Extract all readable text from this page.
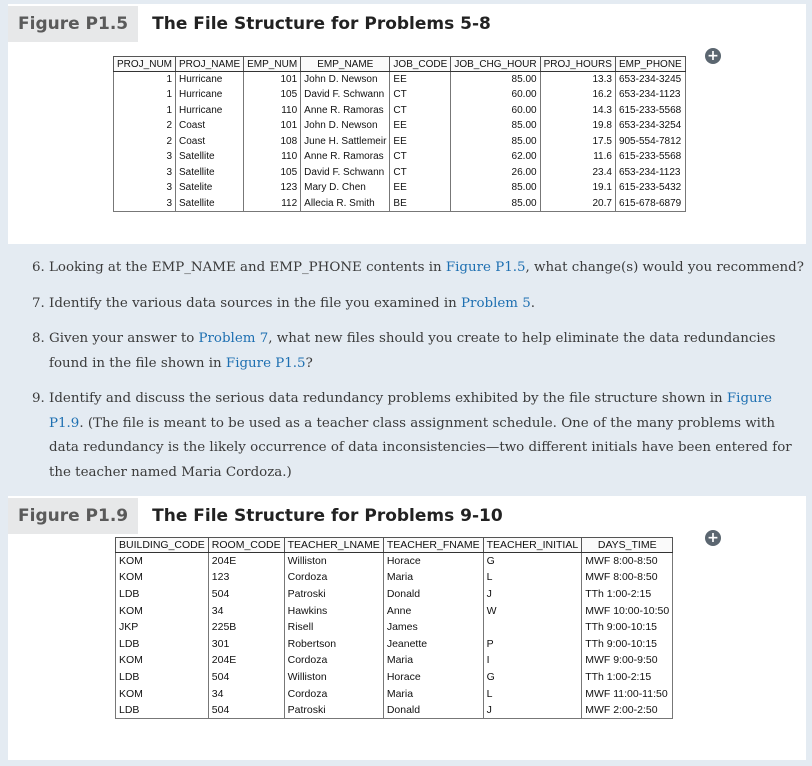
Figure P1.5	The File Structure for Problems 5-8
PROJ_NUM	PROJ_NAME	EMP_NUM	EMP_NAME	JOB_CODE	JOB_CHG_HOUR	PROJ_HOURS	EMP_PHONE
1	Hurricane	101	John D. Newson	EE	85.00	13.3	653-234-3245
1	Hurricane	105	David F. Schwann	CT	60.00	16.2	653-234-1123
1	Hurricane	110	Anne R. Ramoras	CT	60.00	14.3	615-233-5568
2	Coast	101	John D. Newson	EE	85.00	19.8	653-234-3254
2	Coast	108	June H. Sattlemeir	EE	85.00	17.5	905-554-7812
3	Satellite	110	Anne R. Ramoras	CT	62.00	11.6	615-233-5568
3	Satellite	105	David F. Schwann	CT	26.00	23.4	653-234-1123
3	Satelite	123	Mary D. Chen	EE	85.00	19.1	615-233-5432
3	Satellite	112	Allecia R. Smith	BE	85.00	20.7	615-678-6879
+

6. Looking at the EMP_NAME and EMP_PHONE contents in Figure P1.5, what change(s) would you recommend?

7. Identify the various data sources in the file you examined in Problem 5.

8. Given your answer to Problem 7, what new files should you create to help eliminate the data redundancies found in the file shown in Figure P1.5?

9. Identify and discuss the serious data redundancy problems exhibited by the file structure shown in Figure P1.9. (The file is meant to be used as a teacher class assignment schedule. One of the many problems with data redundancy is the likely occurrence of data inconsistencies—two different initials have been entered for the teacher named Maria Cordoza.)

Figure P1.9	The File Structure for Problems 9-10
BUILDING_CODE	ROOM_CODE	TEACHER_LNAME	TEACHER_FNAME	TEACHER_INITIAL	DAYS_TIME
KOM	204E	Williston	Horace	G	MWF 8:00-8:50
KOM	123	Cordoza	Maria	L	MWF 8:00-8:50
LDB	504	Patroski	Donald	J	TTh 1:00-2:15
KOM	34	Hawkins	Anne	W	MWF 10:00-10:50
JKP	225B	Risell	James		TTh 9:00-10:15
LDB	301	Robertson	Jeanette	P	TTh 9:00-10:15
KOM	204E	Cordoza	Maria	I	MWF 9:00-9:50
LDB	504	Williston	Horace	G	TTh 1:00-2:15
KOM	34	Cordoza	Maria	L	MWF 11:00-11:50
LDB	504	Patroski	Donald	J	MWF 2:00-2:50
+
